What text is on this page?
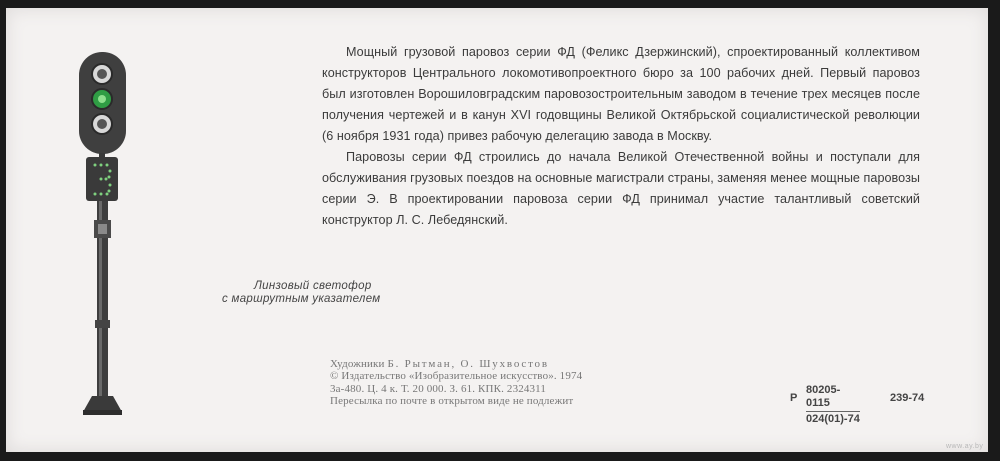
Мощный грузовой паровоз серии ФД (Феликс Дзержинский), спроектированный коллективом конструкторов Центрального локомотивопроектного бюро за 100 рабочих дней. Первый паровоз был изготовлен Ворошиловградским паровозостроительным заводом в течение трех месяцев после получения чертежей и в канун XVI годовщины Великой Октябрьской социалистической революции (6 ноября 1931 года) привез рабочую делегацию завода в Москву.

Паровозы серии ФД строились до начала Великой Отечественной войны и поступали для обслуживания грузовых поездов на основные магистрали страны, заменяя менее мощные паровозы серии Э. В проектировании паровоза серии ФД принимал участие талантливый советский конструктор Л. С. Лебедянский.

Линзовый светофор
с маршрутным указателем
Художники Б. Рытман, О. Шухвостов
© Издательство «Изобразительное искусство». 1974
3а-480. Ц. 4 к. Т. 20 000. З. 61. КПК. 2324311
Пересылка по почте в открытом виде не подлежит	Р $\frac{80205-0115}{024(01)-74}$	239-74
www.ay.by
